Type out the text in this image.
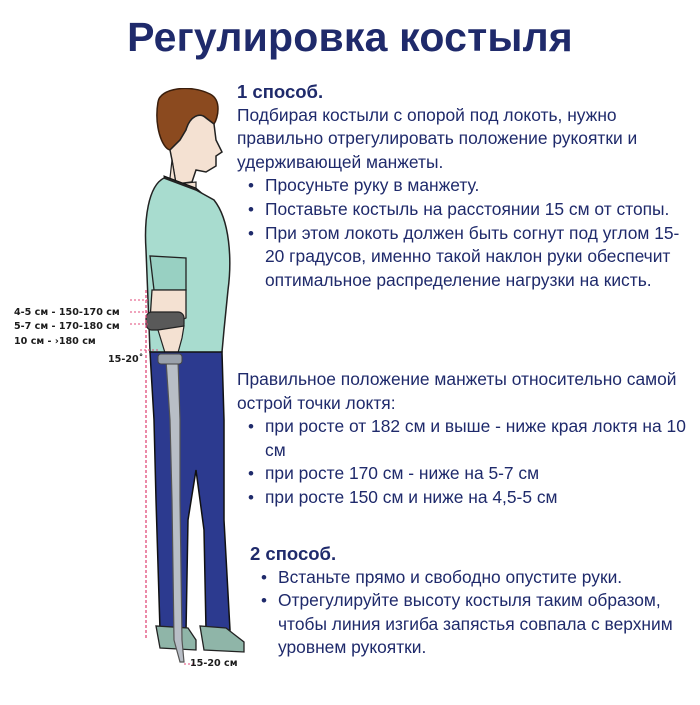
Регулировка костыля
4-5 см - 150-170 см
5-7 см - 170-180 см
10 см - ›180 см
15-20˚
15-20 см

1 способ.

Подбирая костыли с опорой под локоть, нужно правильно отрегулировать положение рукоятки и удерживающей манжеты.

• Просуньте руку в манжету.
• Поставьте костыль на расстоянии 15 см от стопы.
• При этом локоть должен быть согнут под углом 15-20 градусов, именно такой наклон руки обеспечит оптимальное распределение нагрузки на кисть.

Правильное положение манжеты относительно самой острой точки локтя:

• при росте от 182 см и выше - ниже края локтя на 10 см
• при росте 170 см - ниже на 5-7 см
• при росте 150 см и ниже на 4,5-5 см

2 способ.

• Встаньте прямо и свободно опустите руки.
• Отрегулируйте высоту костыля таким образом, чтобы линия изгиба запястья совпала с верхним уровнем рукоятки.
